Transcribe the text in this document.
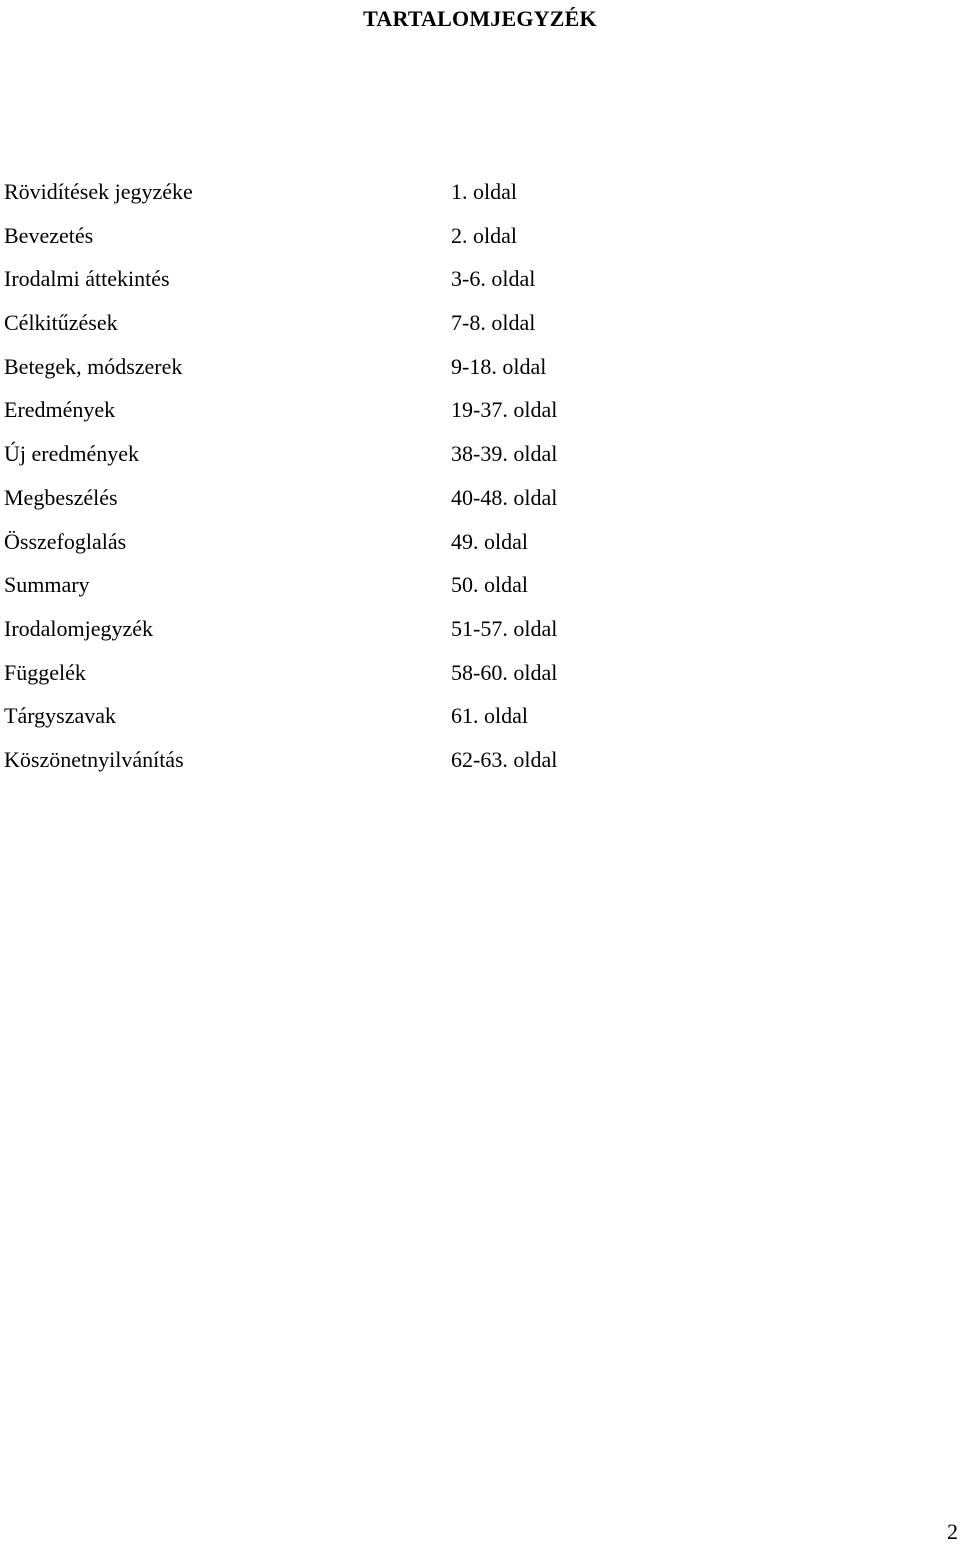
TARTALOMJEGYZÉK
Rövidítések jegyzéke	1. oldal
Bevezetés	2. oldal
Irodalmi áttekintés	3-6. oldal
Célkitűzések	7-8. oldal
Betegek, módszerek	9-18. oldal
Eredmények	19-37. oldal
Új eredmények	38-39. oldal
Megbeszélés	40-48. oldal
Összefoglalás	49. oldal
Summary	50. oldal
Irodalomjegyzék	51-57. oldal
Függelék	58-60. oldal
Tárgyszavak	61. oldal
Köszönetnyilvánítás	62-63. oldal
2
